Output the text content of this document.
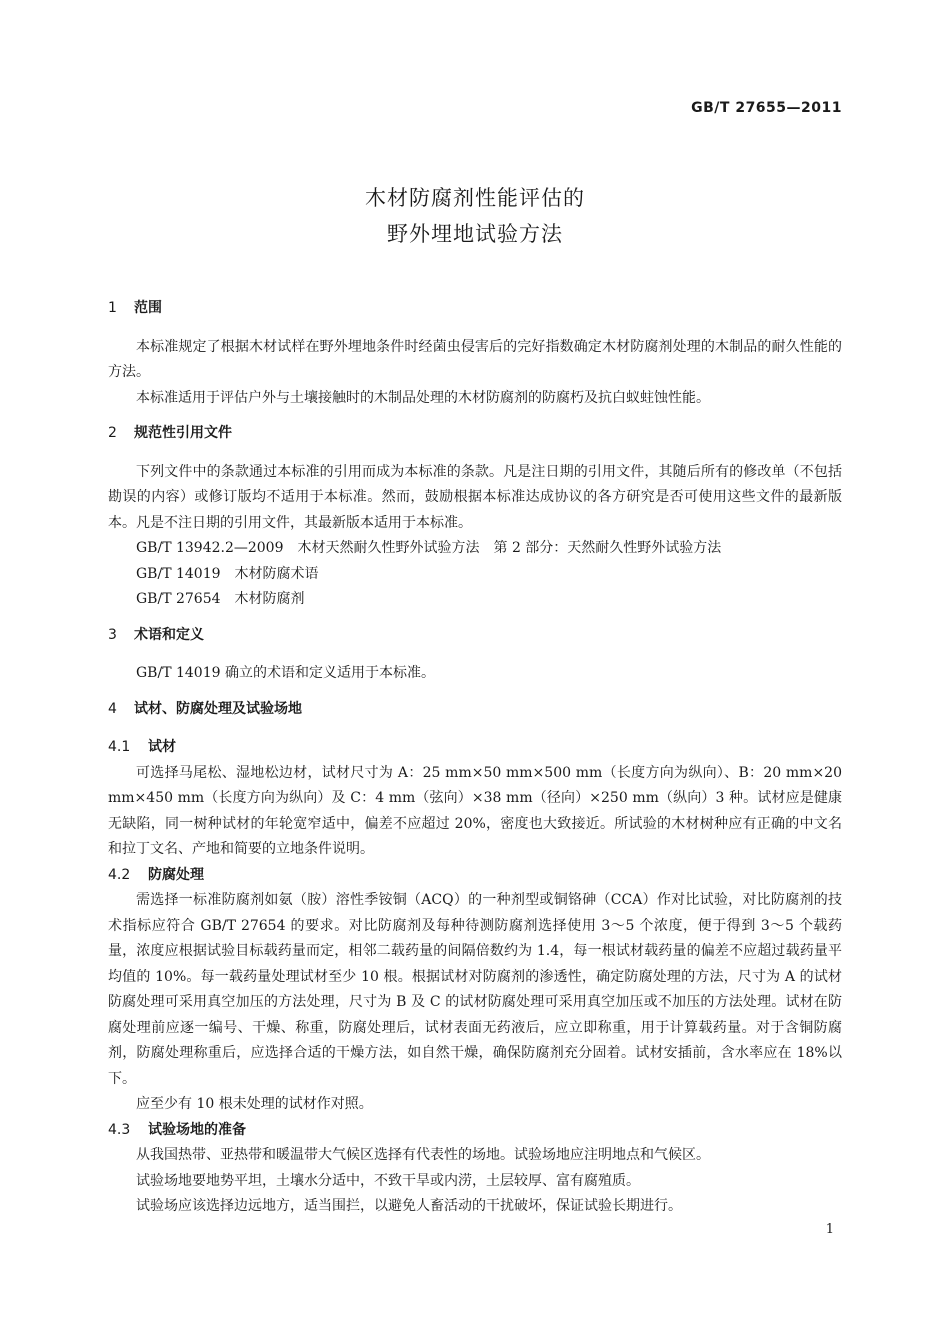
GB/T 27655—2011
木材防腐剂性能评估的
野外埋地试验方法
1 范围

本标准规定了根据木材试样在野外埋地条件时经菌虫侵害后的完好指数确定木材防腐剂处理的木制品的耐久性能的方法。

本标准适用于评估户外与土壤接触时的木制品处理的木材防腐剂的防腐朽及抗白蚁蛀蚀性能。

2 规范性引用文件

下列文件中的条款通过本标准的引用而成为本标准的条款。凡是注日期的引用文件，其随后所有的修改单（不包括勘误的内容）或修订版均不适用于本标准。然而，鼓励根据本标准达成协议的各方研究是否可使用这些文件的最新版本。凡是不注日期的引用文件，其最新版本适用于本标准。

GB/T 13942.2—2009　木材天然耐久性野外试验方法　第 2 部分：天然耐久性野外试验方法

GB/T 14019　木材防腐术语

GB/T 27654　木材防腐剂

3 术语和定义

GB/T 14019 确立的术语和定义适用于本标准。

4 试材、防腐处理及试验场地
4.1 试材

可选择马尾松、湿地松边材，试材尺寸为 A：25 mm×50 mm×500 mm（长度方向为纵向）、B：20 mm×20 mm×450 mm（长度方向为纵向）及 C：4 mm（弦向）×38 mm（径向）×250 mm（纵向）3 种。试材应是健康无缺陷，同一树种试材的年轮宽窄适中，偏差不应超过 20%，密度也大致接近。所试验的木材树种应有正确的中文名和拉丁文名、产地和简要的立地条件说明。

4.2 防腐处理

需选择一标准防腐剂如氨（胺）溶性季铵铜（ACQ）的一种剂型或铜铬砷（CCA）作对比试验，对比防腐剂的技术指标应符合 GB/T 27654 的要求。对比防腐剂及每种待测防腐剂选择使用 3～5 个浓度，便于得到 3～5 个载药量，浓度应根据试验目标载药量而定，相邻二载药量的间隔倍数约为 1.4，每一根试材载药量的偏差不应超过载药量平均值的 10%。每一载药量处理试材至少 10 根。根据试材对防腐剂的渗透性，确定防腐处理的方法，尺寸为 A 的试材防腐处理可采用真空加压的方法处理，尺寸为 B 及 C 的试材防腐处理可采用真空加压或不加压的方法处理。试材在防腐处理前应逐一编号、干燥、称重，防腐处理后，试材表面无药液后，应立即称重，用于计算载药量。对于含铜防腐剂，防腐处理称重后，应选择合适的干燥方法，如自然干燥，确保防腐剂充分固着。试材安插前，含水率应在 18%以下。

应至少有 10 根未处理的试材作对照。

4.3 试验场地的准备

从我国热带、亚热带和暖温带大气候区选择有代表性的场地。试验场地应注明地点和气候区。

试验场地要地势平坦，土壤水分适中，不致干旱或内涝，土层较厚、富有腐殖质。

试验场应该选择边远地方，适当围拦，以避免人畜活动的干扰破坏，保证试验长期进行。

1
